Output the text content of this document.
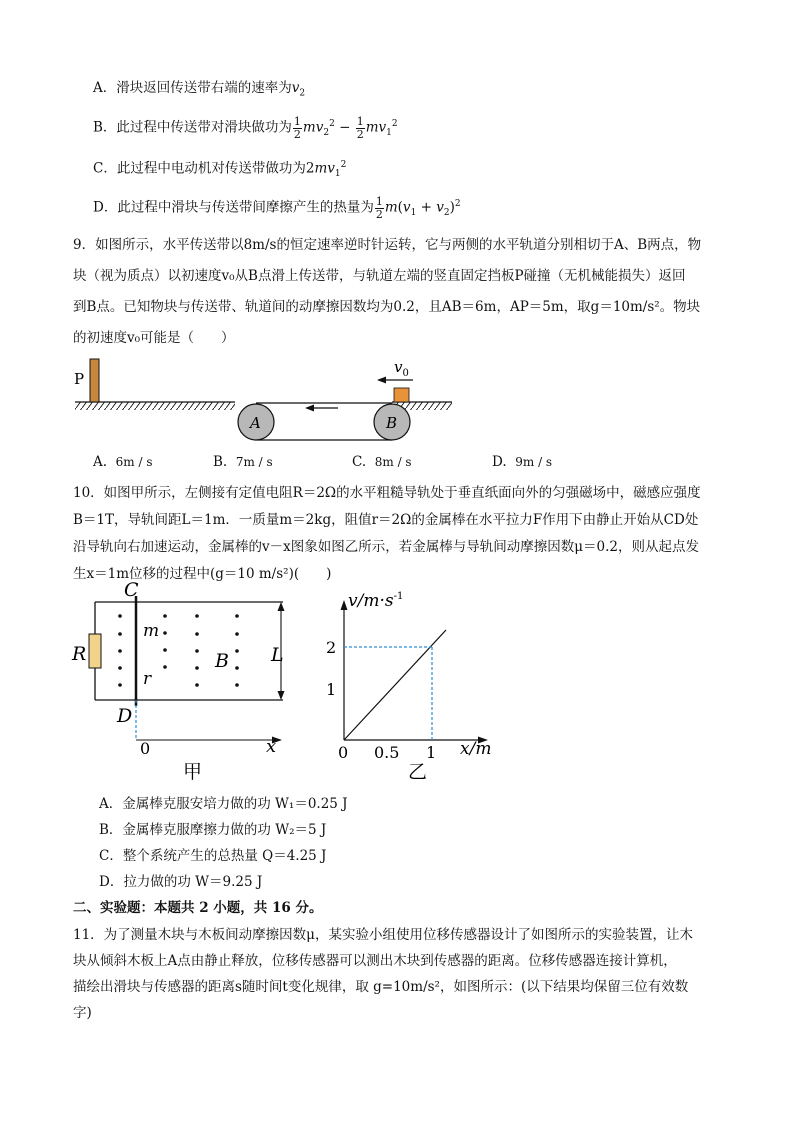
A．滑块返回传送带右端的速率为$v_2$
B．此过程中传送带对滑块做功为 $\frac{1}{2} mv_2^2 - \frac{1}{2} mv_1^2$
C．此过程中电动机对传送带做功为$2mv_1^2$
D．此过程中滑块与传送带间摩擦产生的热量为 $\frac{1}{2} m(v_1 + v_2)^2$
9．如图所示，水平传送带以8m/s的恒定速率逆时针运转，它与两侧的水平轨道分别相切于A、B两点，物
块（视为质点）以初速度v₀从B点滑上传送带，与轨道左端的竖直固定挡板P碰撞（无机械能损失）返回
到B点。已知物块与传送带、轨道间的动摩擦因数均为0.2，且AB＝6m，AP＝5m，取g＝10m/s²。物块
的初速度v₀可能是（　　）
P
A	B
$v_0$
A. 6m / s	B. 7m / s	C. 8m / s	D. 9m / s
10．如图甲所示，左侧接有定值电阻R＝2Ω的水平粗糙导轨处于垂直纸面向外的匀强磁场中，磁感应强度
B＝1T，导轨间距L＝1m．一质量m＝2kg，阻值r＝2Ω的金属棒在水平拉力F作用下由静止开始从CD处
沿导轨向右加速运动，金属棒的v－x图象如图乙所示，若金属棒与导轨间动摩擦因数μ＝0.2，则从起点发
生x＝1m位移的过程中(g＝10 m/s²)(　　)
R
C
D
m
r
B L
0	x
甲
$v/m\cdot s^{-1}$
x/m
2
1
0 0.5 1
乙
A．金属棒克服安培力做的功 W₁＝0.25 J
B．金属棒克服摩擦力做的功 W₂＝5 J
C．整个系统产生的总热量 Q＝4.25 J
D．拉力做的功 W＝9.25 J
二、实验题：本题共 2 小题，共 16 分。
11．为了测量木块与木板间动摩擦因数μ，某实验小组使用位移传感器设计了如图所示的实验装置，让木
块从倾斜木板上A点由静止释放，位移传感器可以测出木块到传感器的距离。位移传感器连接计算机，
描绘出滑块与传感器的距离s随时间t变化规律，取 g=10m/s²，如图所示：(以下结果均保留三位有效数
字)
